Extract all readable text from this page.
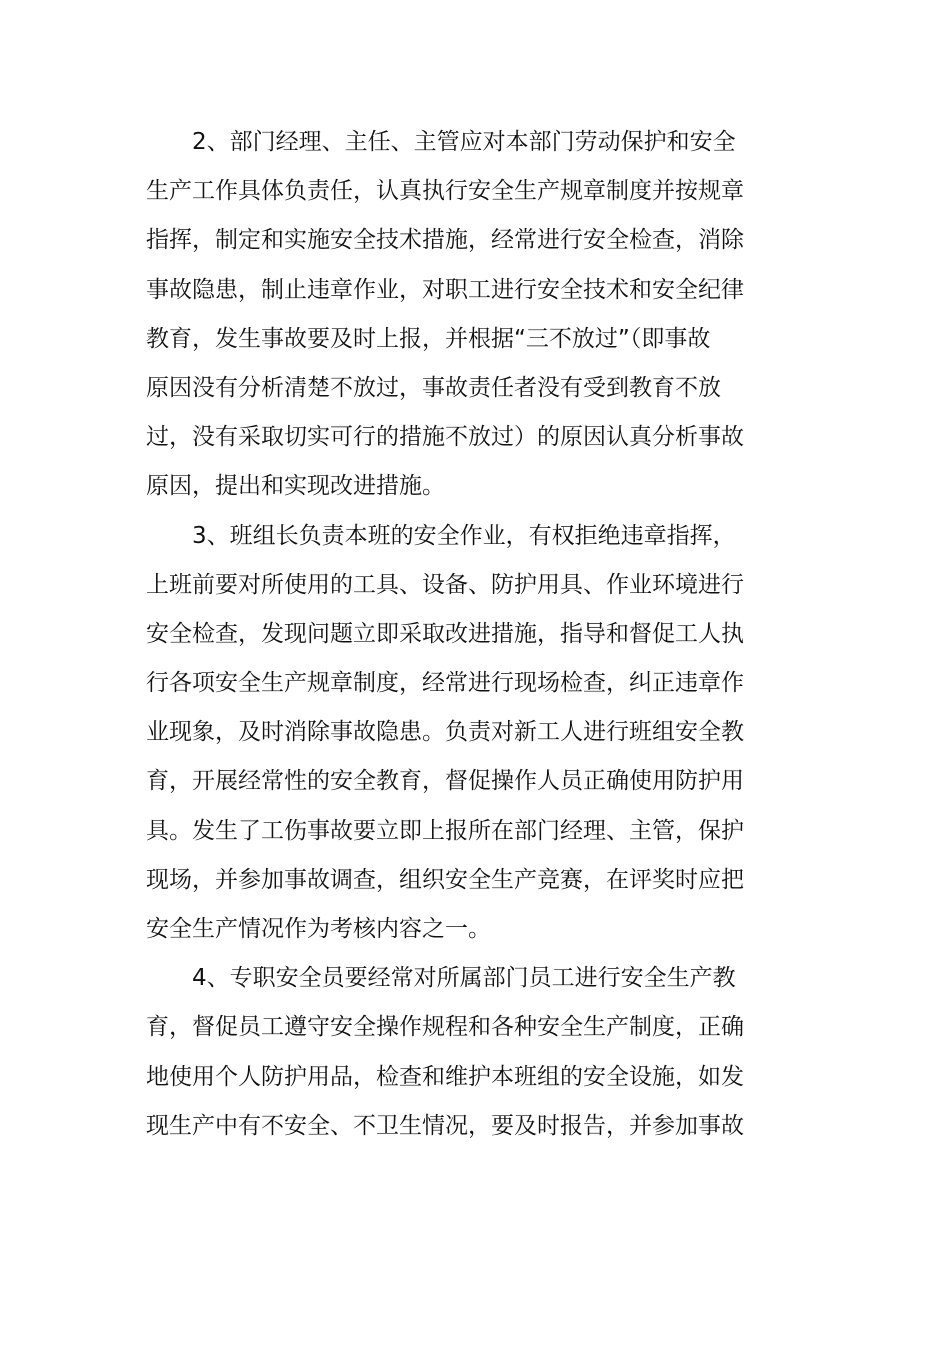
2、部门经理、主任、主管应对本部门劳动保护和安全
生产工作具体负责任，认真执行安全生产规章制度并按规章
指挥，制定和实施安全技术措施，经常进行安全检查，消除
事故隐患，制止违章作业，对职工进行安全技术和安全纪律
教育，发生事故要及时上报，并根据“三不放过”（即事故
原因没有分析清楚不放过，事故责任者没有受到教育不放
过，没有采取切实可行的措施不放过）的原因认真分析事故
原因，提出和实现改进措施。
3、班组长负责本班的安全作业，有权拒绝违章指挥，
上班前要对所使用的工具、设备、防护用具、作业环境进行
安全检查，发现问题立即采取改进措施，指导和督促工人执
行各项安全生产规章制度，经常进行现场检查，纠正违章作
业现象，及时消除事故隐患。负责对新工人进行班组安全教
育，开展经常性的安全教育，督促操作人员正确使用防护用
具。发生了工伤事故要立即上报所在部门经理、主管，保护
现场，并参加事故调查，组织安全生产竞赛，在评奖时应把
安全生产情况作为考核内容之一。
4、专职安全员要经常对所属部门员工进行安全生产教
育，督促员工遵守安全操作规程和各种安全生产制度，正确
地使用个人防护用品，检查和维护本班组的安全设施，如发
现生产中有不安全、不卫生情况，要及时报告，并参加事故
